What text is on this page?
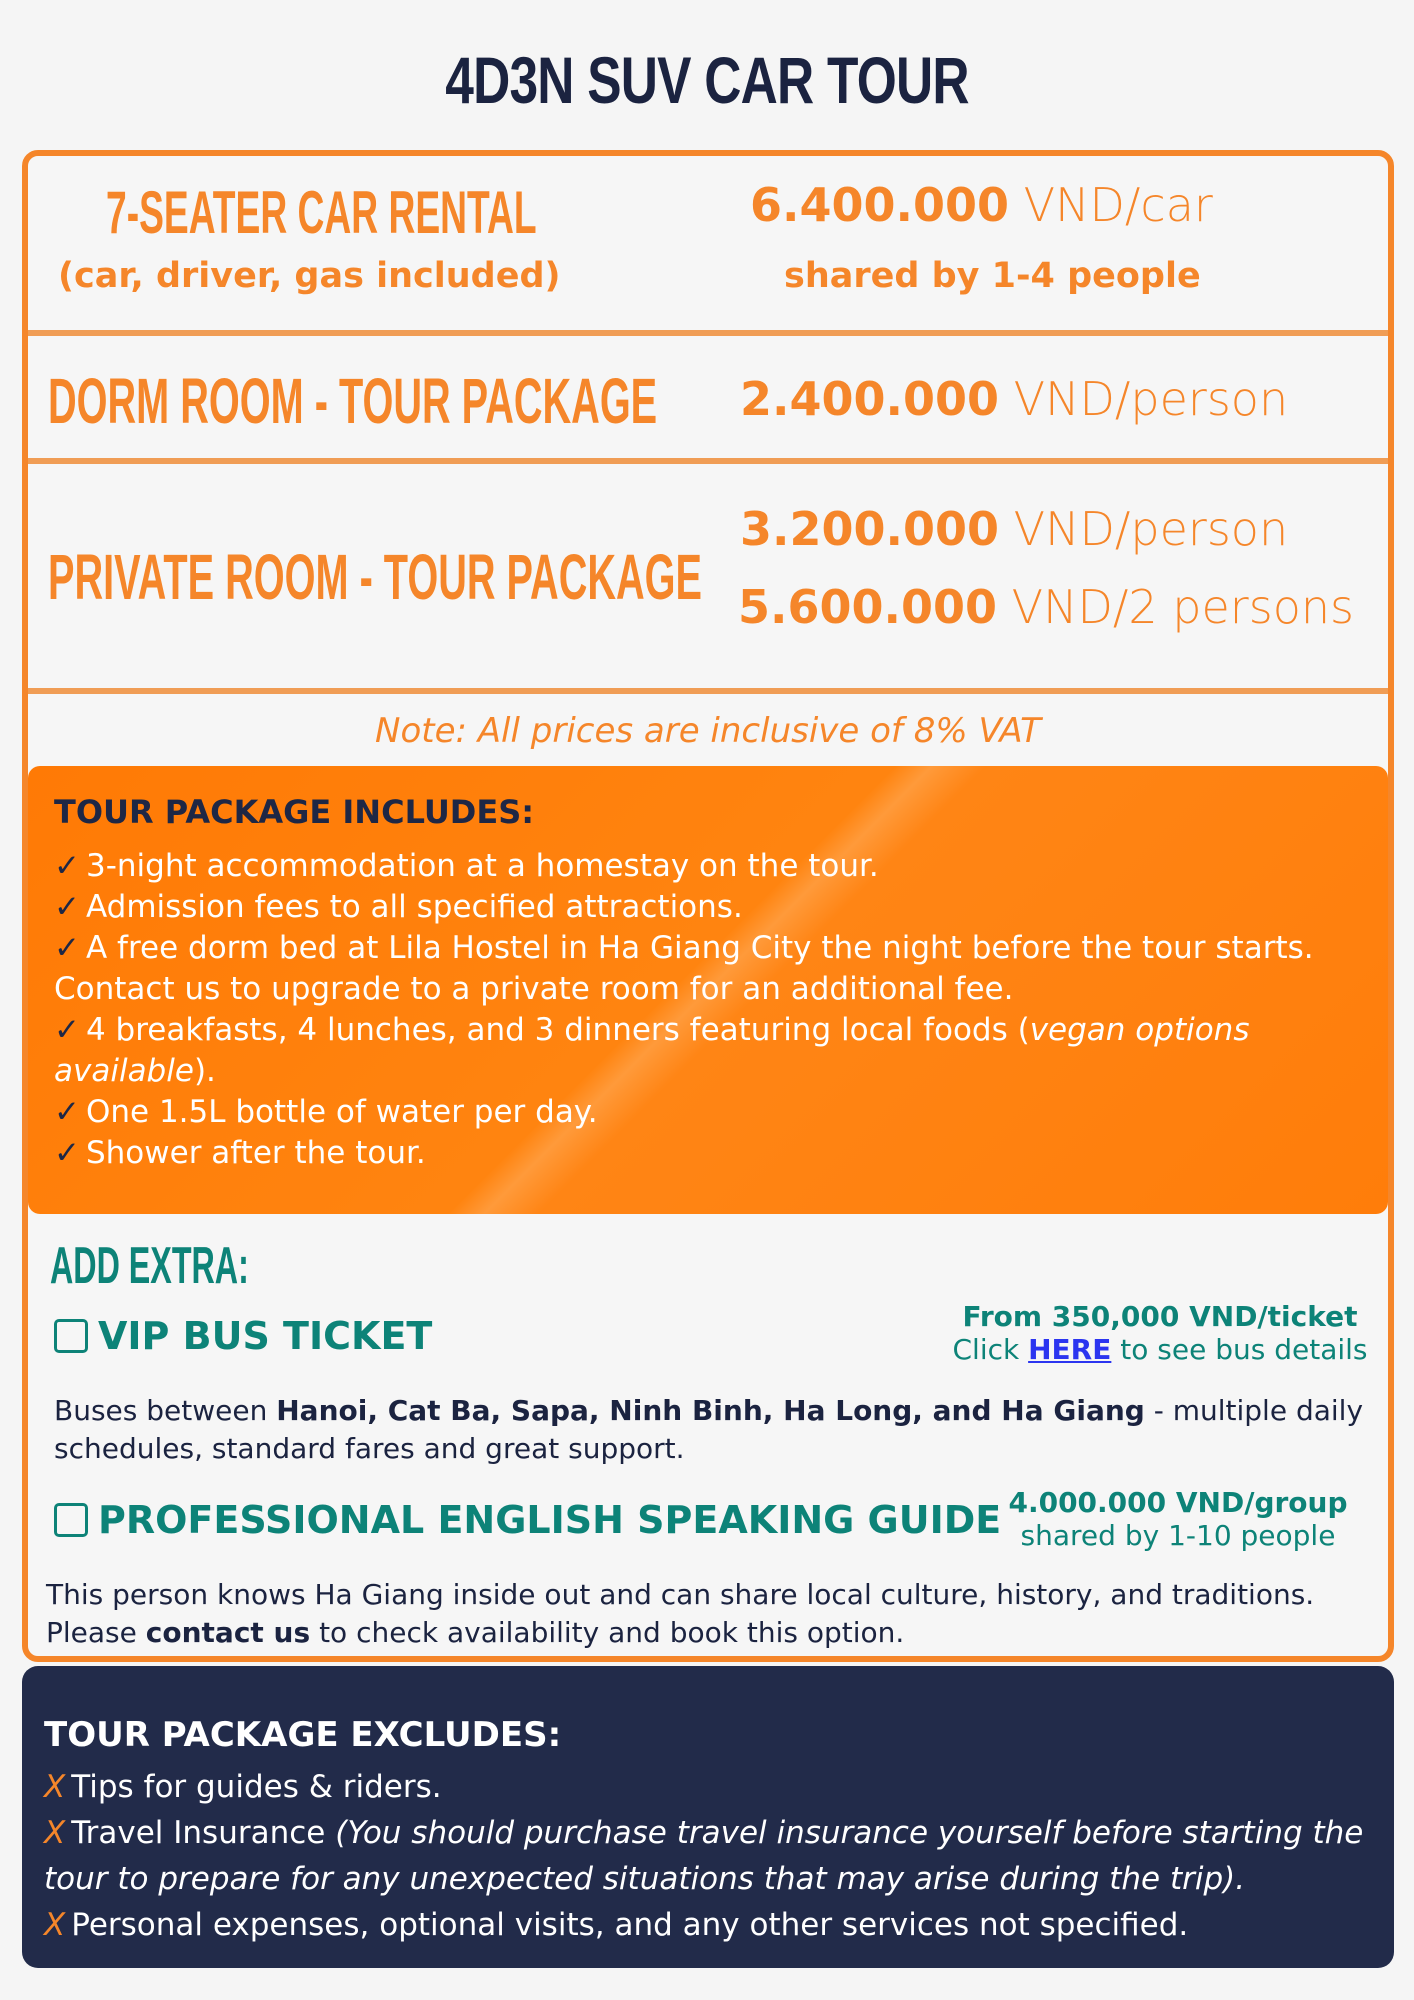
4D3N SUV CAR TOUR
7-SEATER CAR RENTAL
(car, driver, gas included)
6.400.000 VND/car
shared by 1-4 people
DORM ROOM - TOUR PACKAGE	2.400.000 VND/person
PRIVATE ROOM - TOUR PACKAGE
3.200.000 VND/person
5.600.000 VND/2 persons
Note: All prices are inclusive of 8% VAT
TOUR PACKAGE INCLUDES:
✓ 3-night accommodation at a homestay on the tour.
✓ Admission fees to all specified attractions.
✓ A free dorm bed at Lila Hostel in Ha Giang City the night before the tour starts. Contact us to upgrade to a private room for an additional fee.
✓ 4 breakfasts, 4 lunches, and 3 dinners featuring local foods (vegan options available).
✓ One 1.5L bottle of water per day.
✓ Shower after the tour.
ADD EXTRA:
VIP BUS TICKET	From 350,000 VND/ticket
Click HERE to see bus details
Buses between Hanoi, Cat Ba, Sapa, Ninh Binh, Ha Long, and Ha Giang - multiple daily schedules, standard fares and great support.
PROFESSIONAL ENGLISH SPEAKING GUIDE 4.000.000 VND/group
shared by 1-10 people
This person knows Ha Giang inside out and can share local culture, history, and traditions.
Please contact us to check availability and book this option.
TOUR PACKAGE EXCLUDES:
X Tips for guides & riders.
X Travel Insurance (You should purchase travel insurance yourself before starting the tour to prepare for any unexpected situations that may arise during the trip).
X Personal expenses, optional visits, and any other services not specified.
